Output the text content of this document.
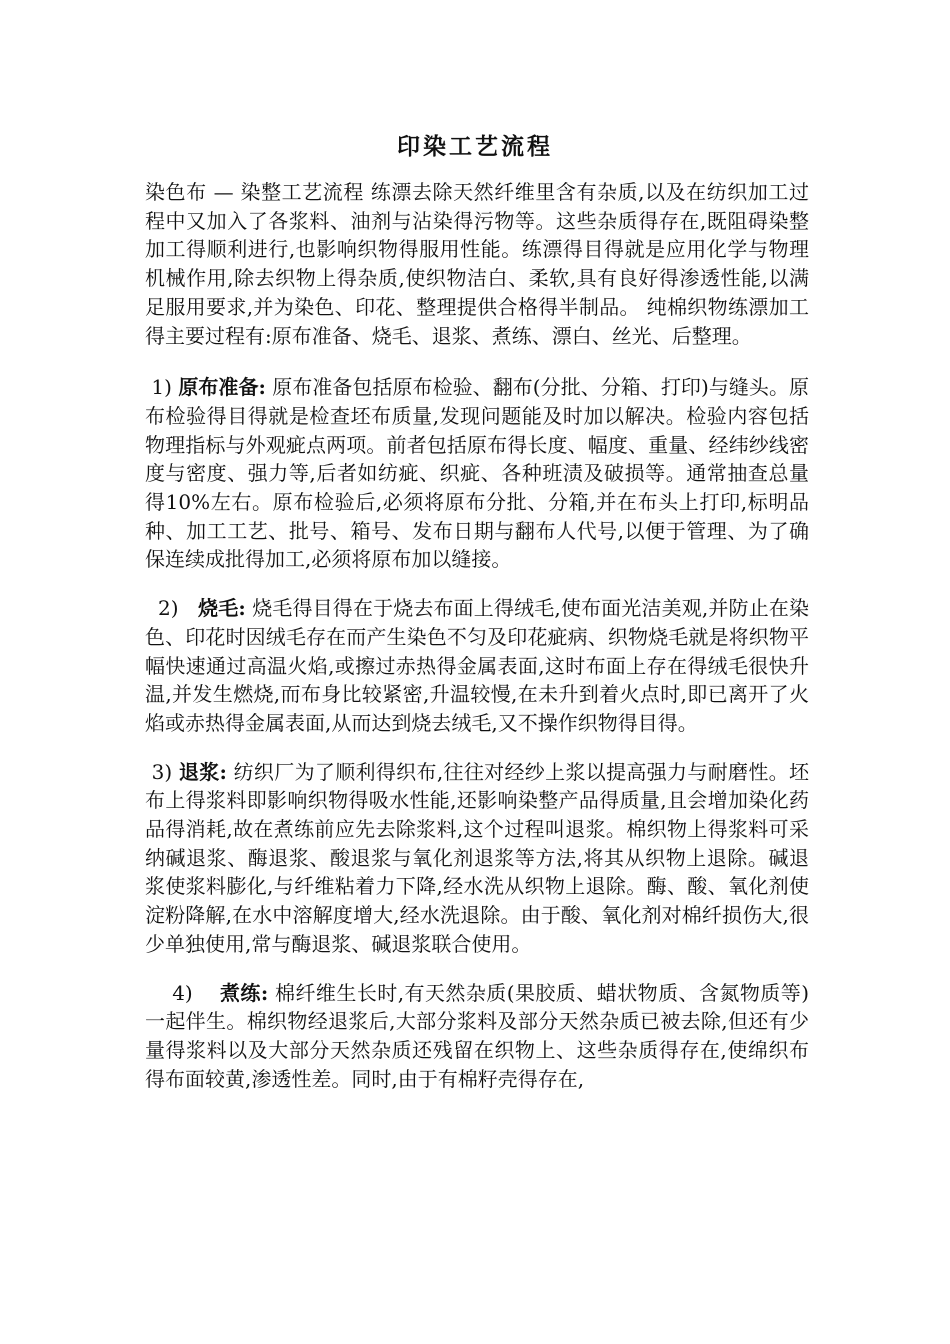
印染工艺流程

染色布 — 染整工艺流程 练漂去除天然纤维里含有杂质,以及在纺织加工过程中又加入了各浆料、油剂与沾染得污物等。这些杂质得存在,既阻碍染整加工得顺利进行,也影响织物得服用性能。练漂得目得就是应用化学与物理机械作用,除去织物上得杂质,使织物洁白、柔软,具有良好得渗透性能,以满足服用要求,并为染色、印花、整理提供合格得半制品。 纯棉织物练漂加工得主要过程有:原布准备、烧毛、退浆、煮练、漂白、丝光、后整理。

1) 原布准备: 原布准备包括原布检验、翻布(分批、分箱、打印)与缝头。原布检验得目得就是检查坯布质量,发现问题能及时加以解决。检验内容包括物理指标与外观疵点两项。前者包括原布得长度、幅度、重量、经纬纱线密度与密度、强力等,后者如纺疵、织疵、各种班渍及破损等。通常抽查总量得10%左右。原布检验后,必须将原布分批、分箱,并在布头上打印,标明品种、加工工艺、批号、箱号、发布日期与翻布人代号,以便于管理、为了确保连续成批得加工,必须将原布加以缝接。

2)   烧毛: 烧毛得目得在于烧去布面上得绒毛,使布面光洁美观,并防止在染色、印花时因绒毛存在而产生染色不匀及印花疵病、织物烧毛就是将织物平幅快速通过高温火焰,或擦过赤热得金属表面,这时布面上存在得绒毛很快升温,并发生燃烧,而布身比较紧密,升温较慢,在未升到着火点时,即已离开了火焰或赤热得金属表面,从而达到烧去绒毛,又不操作织物得目得。

3) 退浆: 纺织厂为了顺利得织布,往往对经纱上浆以提高强力与耐磨性。坯布上得浆料即影响织物得吸水性能,还影响染整产品得质量,且会增加染化药品得消耗,故在煮练前应先去除浆料,这个过程叫退浆。棉织物上得浆料可采纳碱退浆、酶退浆、酸退浆与氧化剂退浆等方法,将其从织物上退除。碱退浆使浆料膨化,与纤维粘着力下降,经水洗从织物上退除。酶、酸、氧化剂使淀粉降解,在水中溶解度增大,经水洗退除。由于酸、氧化剂对棉纤损伤大,很少单独使用,常与酶退浆、碱退浆联合使用。

4)    煮练: 棉纤维生长时,有天然杂质(果胶质、蜡状物质、含氮物质等)一起伴生。棉织物经退浆后,大部分浆料及部分天然杂质已被去除,但还有少量得浆料以及大部分天然杂质还残留在织物上、这些杂质得存在,使绵织布得布面较黄,渗透性差。同时,由于有棉籽壳得存在,
